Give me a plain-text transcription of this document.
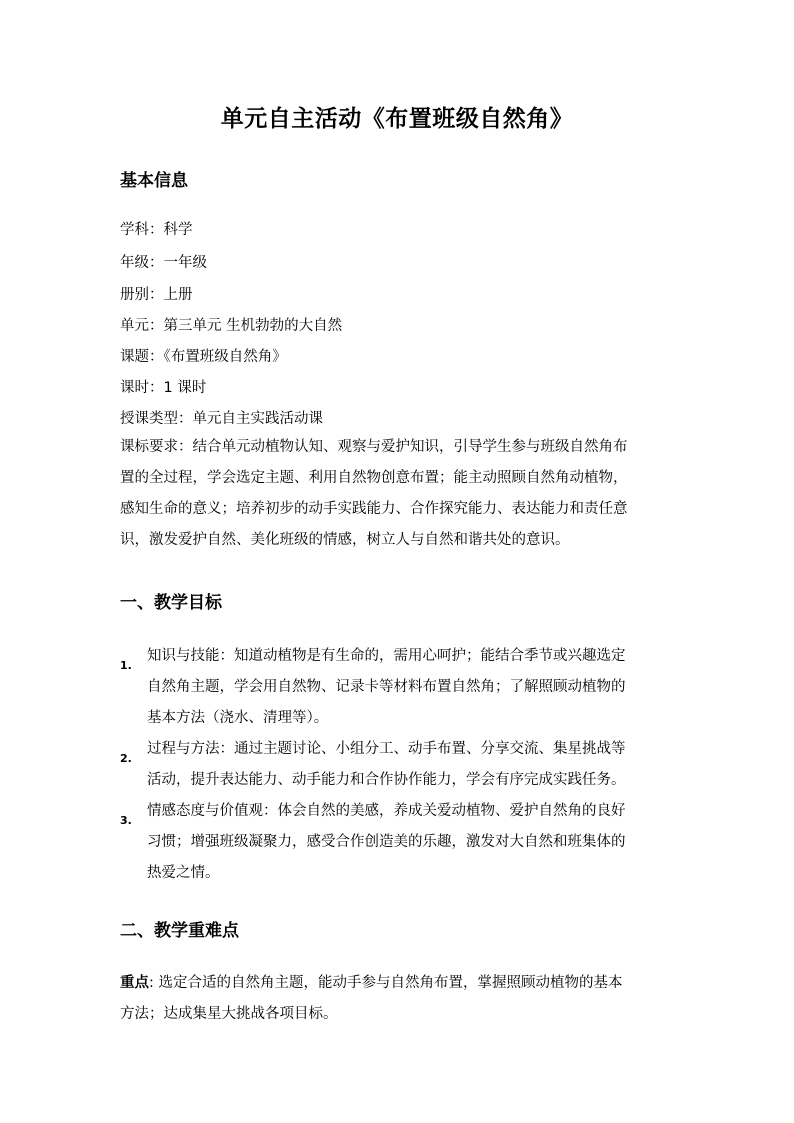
单元自主活动《布置班级自然角》
基本信息
学科：科学
年级：一年级
册别：上册
单元：第三单元 生机勃勃的大自然
课题：《布置班级自然角》
课时：1 课时
授课类型：单元自主实践活动课
课标要求：结合单元动植物认知、观察与爱护知识，引导学生参与班级自然角布
置的全过程，学会选定主题、利用自然物创意布置；能主动照顾自然角动植物，
感知生命的意义；培养初步的动手实践能力、合作探究能力、表达能力和责任意
识，激发爱护自然、美化班级的情感，树立人与自然和谐共处的意识。
一、教学目标
1.
知识与技能：知道动植物是有生命的，需用心呵护；能结合季节或兴趣选定
自然角主题，学会用自然物、记录卡等材料布置自然角；了解照顾动植物的
基本方法（浇水、清理等）。
2.
过程与方法：通过主题讨论、小组分工、动手布置、分享交流、集星挑战等
活动，提升表达能力、动手能力和合作协作能力，学会有序完成实践任务。
3.
情感态度与价值观：体会自然的美感，养成关爱动植物、爱护自然角的良好
习惯；增强班级凝聚力，感受合作创造美的乐趣，激发对大自然和班集体的
热爱之情。
二、教学重难点
重点: 选定合适的自然角主题，能动手参与自然角布置，掌握照顾动植物的基本
方法；达成集星大挑战各项目标。
